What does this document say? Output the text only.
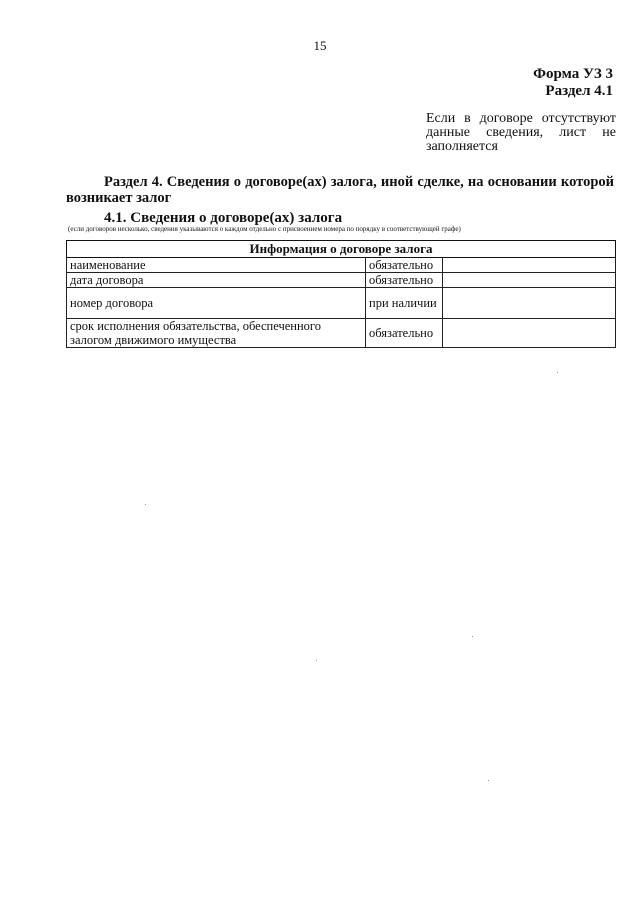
15
Форма УЗ 3
Раздел 4.1
Если в договоре отсутствуют данные сведения, лист не заполняется
Раздел 4. Сведения о договоре(ах) залога, иной сделке, на основании которой возникает залог
4.1. Сведения о договоре(ах) залога
(если договоров несколько, сведения указываются о каждом отдельно с присвоением номера по порядку в соответствующей графе)
Информация о договоре залога		
наименование	обязательно	
дата договора	обязательно	
номер договора	при наличии	
срок исполнения обязательства, обеспеченного залогом движимого имущества	обязательно	
